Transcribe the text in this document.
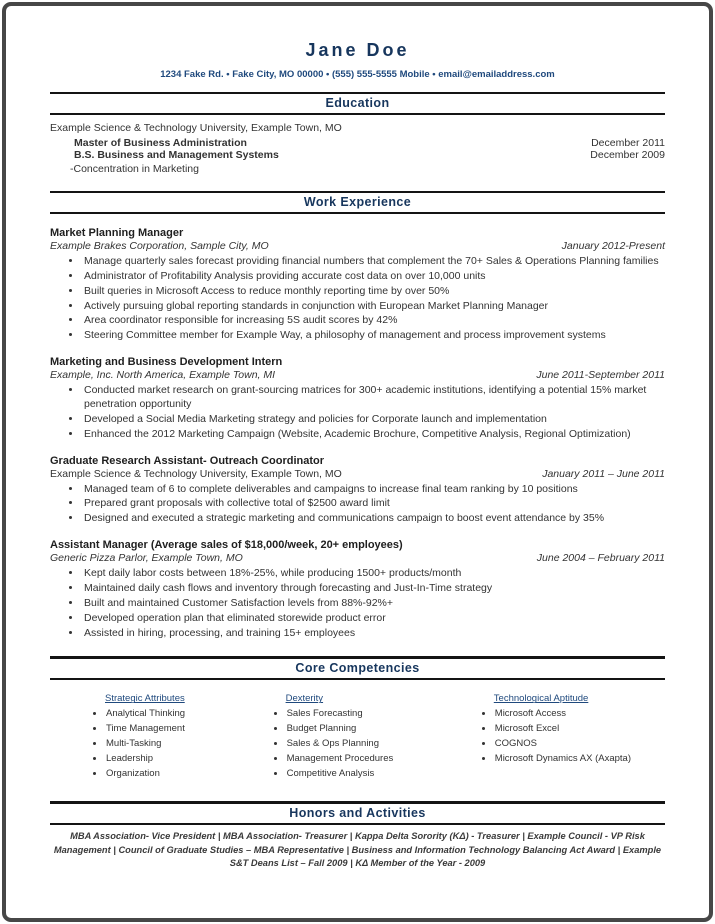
Jane Doe
1234 Fake Rd. • Fake City, MO 00000 • (555) 555-5555 Mobile • email@emailaddress.com
Education
Example Science & Technology University, Example Town, MO
Master of Business Administration	December 2011
B.S. Business and Management Systems	December 2009
-Concentration in Marketing
Work Experience
Market Planning Manager
Example Brakes Corporation, Sample City, MO	January 2012-Present
• Manage quarterly sales forecast providing financial numbers that complement the 70+ Sales & Operations Planning families
• Administrator of Profitability Analysis providing accurate cost data on over 10,000 units
• Built queries in Microsoft Access to reduce monthly reporting time by over 50%
• Actively pursuing global reporting standards in conjunction with European Market Planning Manager
• Area coordinator responsible for increasing 5S audit scores by 42%
• Steering Committee member for Example Way, a philosophy of management and process improvement systems
Marketing and Business Development Intern
Example, Inc. North America, Example Town, MI	June 2011-September 2011
• Conducted market research on grant-sourcing matrices for 300+ academic institutions, identifying a potential 15% market penetration opportunity
• Developed a Social Media Marketing strategy and policies for Corporate launch and implementation
• Enhanced the 2012 Marketing Campaign (Website, Academic Brochure, Competitive Analysis, Regional Optimization)
Graduate Research Assistant- Outreach Coordinator
Example Science & Technology University, Example Town, MO	January 2011 – June 2011
• Managed team of 6 to complete deliverables and campaigns to increase final team ranking by 10 positions
• Prepared grant proposals with collective total of $2500 award limit
• Designed and executed a strategic marketing and communications campaign to boost event attendance by 35%
Assistant Manager (Average sales of $18,000/week, 20+ employees)
Generic Pizza Parlor, Example Town, MO	June 2004 – February 2011
• Kept daily labor costs between 18%-25%, while producing 1500+ products/month
• Maintained daily cash flows and inventory through forecasting and Just-In-Time strategy
• Built and maintained Customer Satisfaction levels from 88%-92%+
• Developed operation plan that eliminated storewide product error
• Assisted in hiring, processing, and training 15+ employees
Core Competencies
Strategic Attributes
• Analytical Thinking
• Time Management
• Multi-Tasking
• Leadership
• Organization
Dexterity
• Sales Forecasting
• Budget Planning
• Sales & Ops Planning
• Management Procedures
• Competitive Analysis
Technological Aptitude
• Microsoft Access
• Microsoft Excel
• COGNOS
• Microsoft Dynamics AX (Axapta)
Honors and Activities

MBA Association- Vice President | MBA Association- Treasurer | Kappa Delta Sorority (KΔ) - Treasurer | Example Council - VP Risk Management | Council of Graduate Studies – MBA Representative | Business and Information Technology Balancing Act Award | Example S&T Deans List – Fall 2009 | KΔ Member of the Year - 2009
